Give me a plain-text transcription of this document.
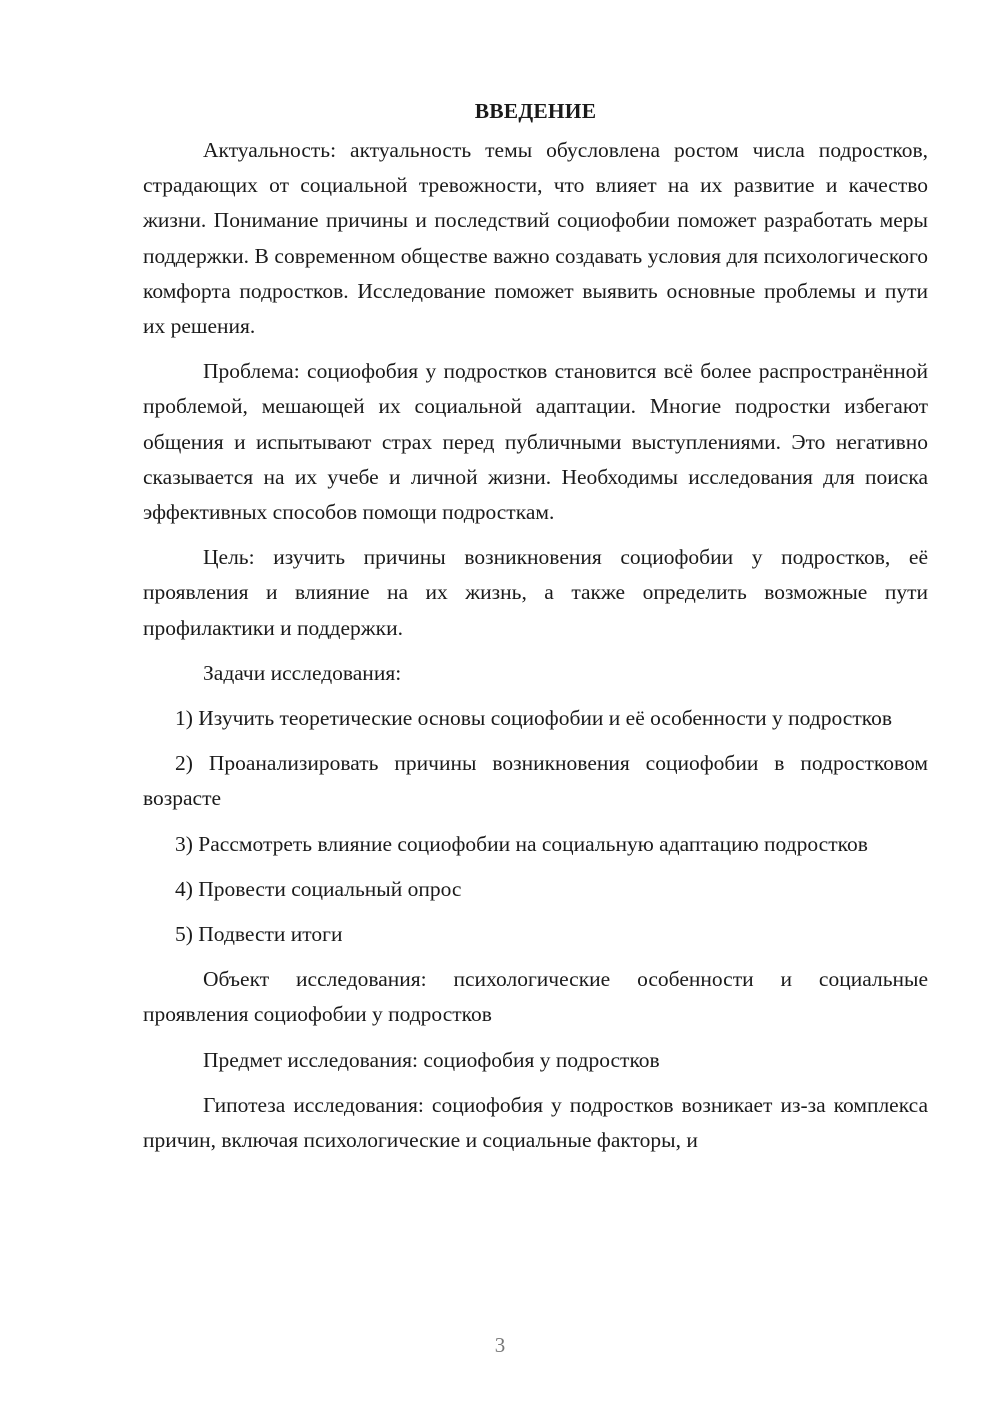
ВВЕДЕНИЕ

Актуальность: актуальность темы обусловлена ростом числа подростков, страдающих от социальной тревожности, что влияет на их развитие и качество жизни. Понимание причины и последствий социофобии поможет разработать меры поддержки. В современном обществе важно создавать условия для психологического комфорта подростков. Исследование поможет выявить основные проблемы и пути их решения.

Проблема: социофобия у подростков становится всё более распространённой проблемой, мешающей их социальной адаптации. Многие подростки избегают общения и испытывают страх перед публичными выступлениями. Это негативно сказывается на их учебе и личной жизни. Необходимы исследования для поиска эффективных способов помощи подросткам.

Цель: изучить причины возникновения социофобии у подростков, её проявления и влияние на их жизнь, а также определить возможные пути профилактики и поддержки.

Задачи исследования:

1) Изучить теоретические основы социофобии и её особенности у подростков

2) Проанализировать причины возникновения социофобии в подростковом возрасте

3) Рассмотреть влияние социофобии на социальную адаптацию подростков

4) Провести социальный опрос

5) Подвести итоги

Объект исследования: психологические особенности и социальные проявления социофобии у подростков

Предмет исследования: социофобия у подростков

Гипотеза исследования: социофобия у подростков возникает из-за комплекса причин, включая психологические и социальные факторы, и

3
